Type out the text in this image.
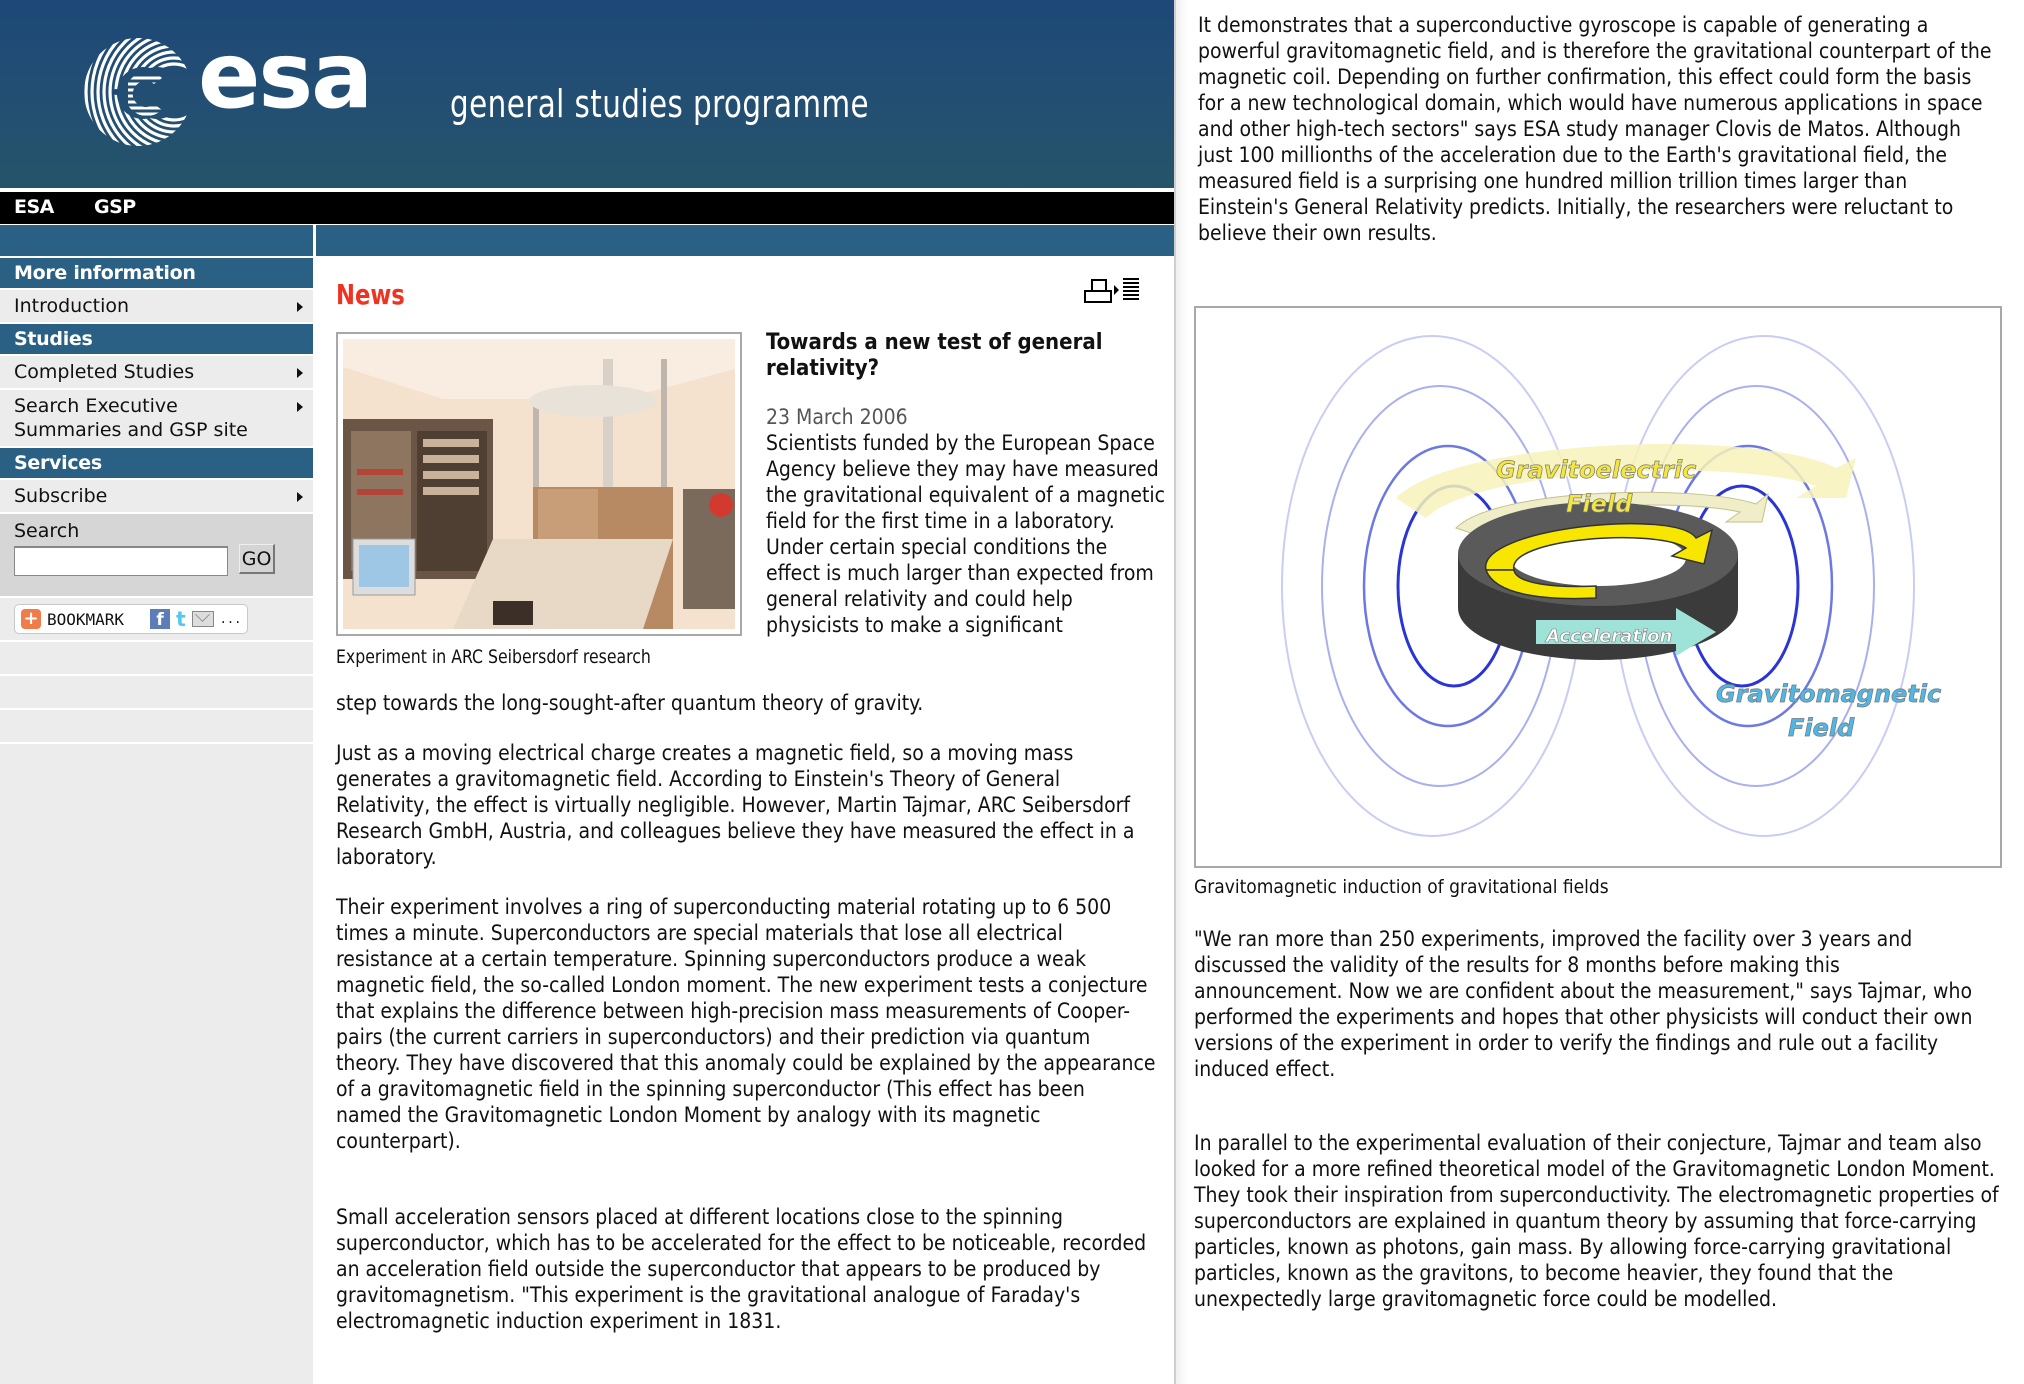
esa general studies programme
ESA GSP
More information
Introduction
Studies
Completed Studies
Search Executive Summaries and GSP site
Services
Subscribe
Search
GO
+ BOOKMARK	f t	...
News
Experiment in ARC Seibersdorf research
Towards a new test of general relativity?
23 March 2006
Scientists funded by the European Space Agency believe they may have measured the gravitational equivalent of a magnetic field for the first time in a laboratory. Under certain special conditions the effect is much larger than expected from general relativity and could help physicists to make a significant
step towards the long-sought-after quantum theory of gravity.
Just as a moving electrical charge creates a magnetic field, so a moving mass generates a gravitomagnetic field. According to Einstein's Theory of General Relativity, the effect is virtually negligible. However, Martin Tajmar, ARC Seibersdorf Research GmbH, Austria, and colleagues believe they have measured the effect in a laboratory.
Their experiment involves a ring of superconducting material rotating up to 6 500 times a minute. Superconductors are special materials that lose all electrical resistance at a certain temperature. Spinning superconductors produce a weak magnetic field, the so-called London moment. The new experiment tests a conjecture that explains the difference between high-precision mass measurements of Cooper-pairs (the current carriers in superconductors) and their prediction via quantum theory. They have discovered that this anomaly could be explained by the appearance of a gravitomagnetic field in the spinning superconductor (This effect has been named the Gravitomagnetic London Moment by analogy with its magnetic counterpart).
Small acceleration sensors placed at different locations close to the spinning superconductor, which has to be accelerated for the effect to be noticeable, recorded an acceleration field outside the superconductor that appears to be produced by gravitomagnetism. "This experiment is the gravitational analogue of Faraday's electromagnetic induction experiment in 1831.
It demonstrates that a superconductive gyroscope is capable of generating a powerful gravitomagnetic field, and is therefore the gravitational counterpart of the magnetic coil. Depending on further confirmation, this effect could form the basis for a new technological domain, which would have numerous applications in space and other high-tech sectors" says ESA study manager Clovis de Matos. Although just 100 millionths of the acceleration due to the Earth's gravitational field, the measured field is a surprising one hundred million trillion times larger than Einstein's General Relativity predicts. Initially, the researchers were reluctant to believe their own results.
Acceleration
Gravitoelectric
Field
Gravitomagnetic
Field
Gravitomagnetic induction of gravitational fields
"We ran more than 250 experiments, improved the facility over 3 years and discussed the validity of the results for 8 months before making this announcement. Now we are confident about the measurement," says Tajmar, who performed the experiments and hopes that other physicists will conduct their own versions of the experiment in order to verify the findings and rule out a facility induced effect.
In parallel to the experimental evaluation of their conjecture, Tajmar and team also looked for a more refined theoretical model of the Gravitomagnetic London Moment. They took their inspiration from superconductivity. The electromagnetic properties of superconductors are explained in quantum theory by assuming that force-carrying particles, known as photons, gain mass. By allowing force-carrying gravitational particles, known as the gravitons, to become heavier, they found that the unexpectedly large gravitomagnetic force could be modelled.
